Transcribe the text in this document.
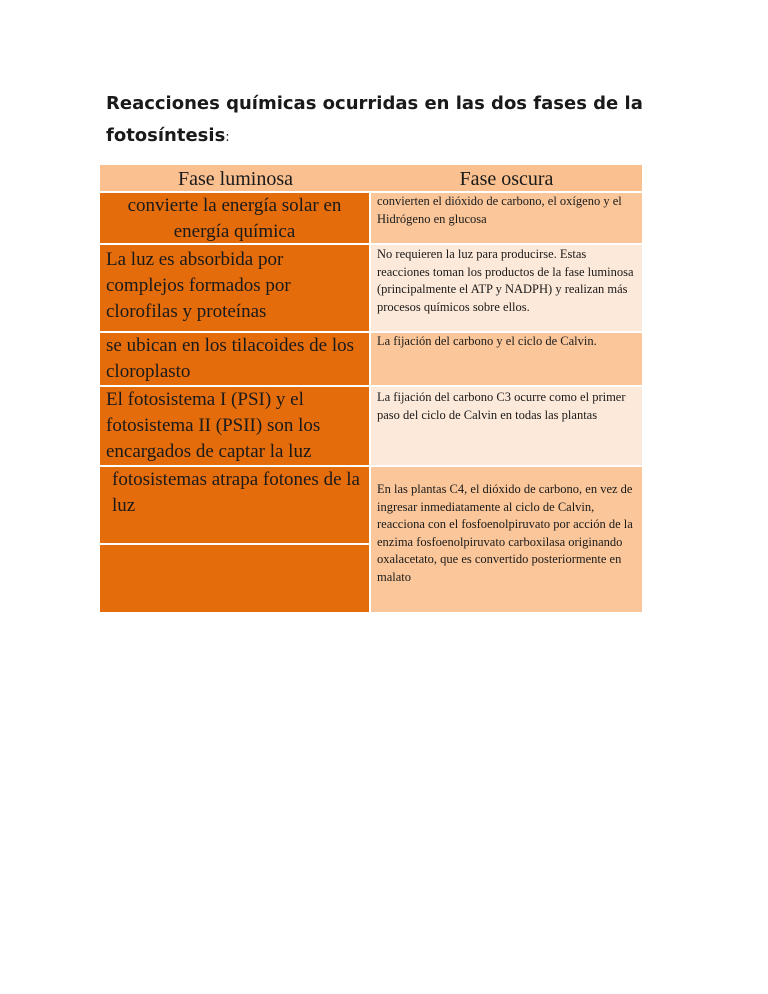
Reacciones químicas ocurridas en las dos fases de la fotosíntesis:
Fase luminosa	Fase oscura
convierte la energía solar en energía química
convierten el dióxido de carbono, el oxígeno y el Hidrógeno en glucosa
La luz es absorbida por complejos formados por clorofilas y proteínas
No requieren la luz para producirse. Estas reacciones toman los productos de la fase luminosa (principalmente el ATP y NADPH) y realizan más procesos químicos sobre ellos.
se ubican en los tilacoides de los cloroplasto
La fijación del carbono y el ciclo de Calvin.
El fotosistema I (PSI) y el fotosistema II (PSII) son los encargados de captar la luz
La fijación del carbono C3 ocurre como el primer paso del ciclo de Calvin en todas las plantas
fotosistemas atrapa fotones de la luz
En las plantas C4, el dióxido de carbono, en vez de ingresar inmediatamente al ciclo de Calvin, reacciona con el fosfoenolpiruvato por acción de la enzima fosfoenolpiruvato carboxilasa originando oxalacetato, que es convertido posteriormente en malato
